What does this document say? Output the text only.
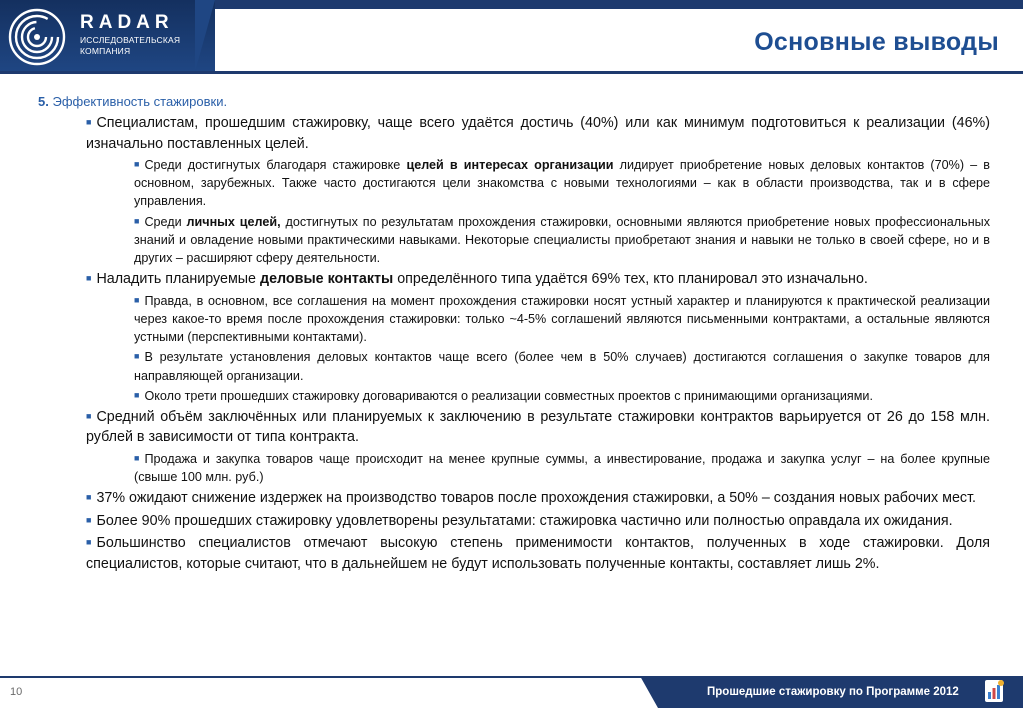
RADAR
ИССЛЕДОВАТЕЛЬСКАЯ
КОМПАНИЯ	Основные выводы
5. Эффективность стажировки.
■ Специалистам, прошедшим стажировку, чаще всего удаётся достичь (40%) или как минимум подготовиться к реализации (46%) изначально поставленных целей.
■ Среди достигнутых благодаря стажировке целей в интересах организации лидирует приобретение новых деловых контактов (70%) – в основном, зарубежных. Также часто достигаются цели знакомства с новыми технологиями – как в области производства, так и в сфере управления.
■ Среди личных целей, достигнутых по результатам прохождения стажировки, основными являются приобретение новых профессиональных знаний и овладение новыми практическими навыками. Некоторые специалисты приобретают знания и навыки не только в своей сфере, но и в других – расширяют сферу деятельности.
■ Наладить планируемые деловые контакты определённого типа удаётся 69% тех, кто планировал это изначально.
■ Правда, в основном, все соглашения на момент прохождения стажировки носят устный характер и планируются к практической реализации через какое-то время после прохождения стажировки: только ~4-5% соглашений являются письменными контрактами, а остальные являются устными (перспективными контактами).
■ В результате установления деловых контактов чаще всего (более чем в 50% случаев) достигаются соглашения о закупке товаров для направляющей организации.
■ Около трети прошедших стажировку договариваются о реализации совместных проектов с принимающими организациями.
■ Средний объём заключённых или планируемых к заключению в результате стажировки контрактов варьируется от 26 до 158 млн. рублей в зависимости от типа контракта.
■ Продажа и закупка товаров чаще происходит на менее крупные суммы, а инвестирование, продажа и закупка услуг – на более крупные (свыше 100 млн. руб.)
■ 37% ожидают снижение издержек на производство товаров после прохождения стажировки, а 50% – создания новых рабочих мест.
■ Более 90% прошедших стажировку удовлетворены результатами: стажировка частично или полностью оправдала их ожидания.
■ Большинство специалистов отмечают высокую степень применимости контактов, полученных в ходе стажировки. Доля специалистов, которые считают, что в дальнейшем не будут использовать полученные контакты, составляет лишь 2%.
10	Прошедшие стажировку по Программе 2012
